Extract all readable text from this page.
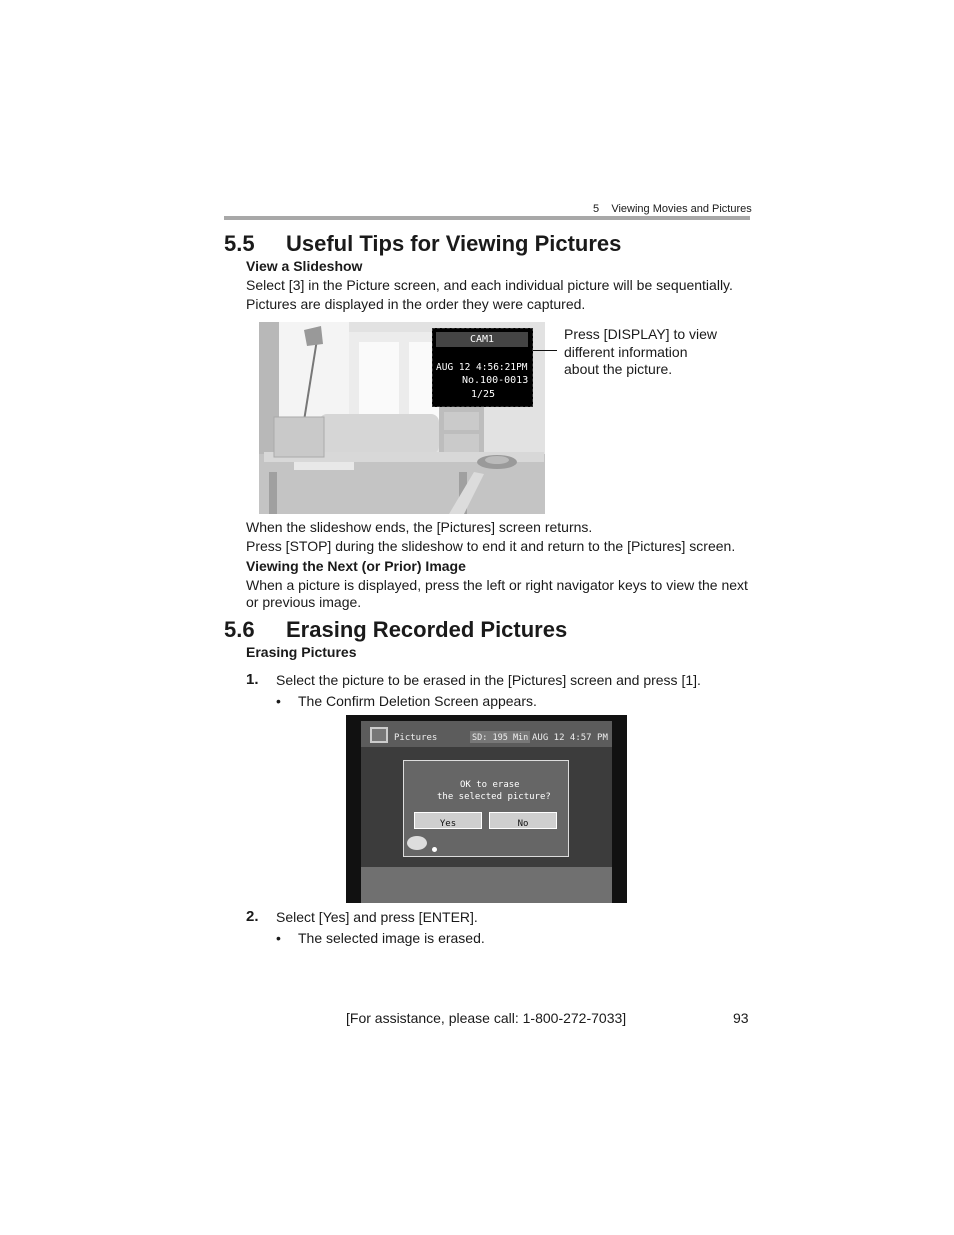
5    Viewing Movies and Pictures
5.5 Useful Tips for Viewing Pictures
View a Slideshow
Select [3] in the Picture screen, and each individual picture will be sequentially.
Pictures are displayed in the order they were captured.
CAM1
AUG 12 4:56:21PM
No.100-0013
1/25
Press [DISPLAY] to view
different information
about the picture.
When the slideshow ends, the [Pictures] screen returns.
Press [STOP] during the slideshow to end it and return to the [Pictures] screen.
Viewing the Next (or Prior) Image
When a picture is displayed, press the left or right navigator keys to view the next
or previous image.
5.6 Erasing Recorded Pictures
Erasing Pictures
1. Select the picture to be erased in the [Pictures] screen and press [1].
• The Confirm Deletion Screen appears.
Pictures	SD: 195 Min AUG 12 4:57 PM
OK to erase
the selected picture?
Yes	No
2. Select [Yes] and press [ENTER].
• The selected image is erased.
[For assistance, please call: 1-800-272-7033]	93
